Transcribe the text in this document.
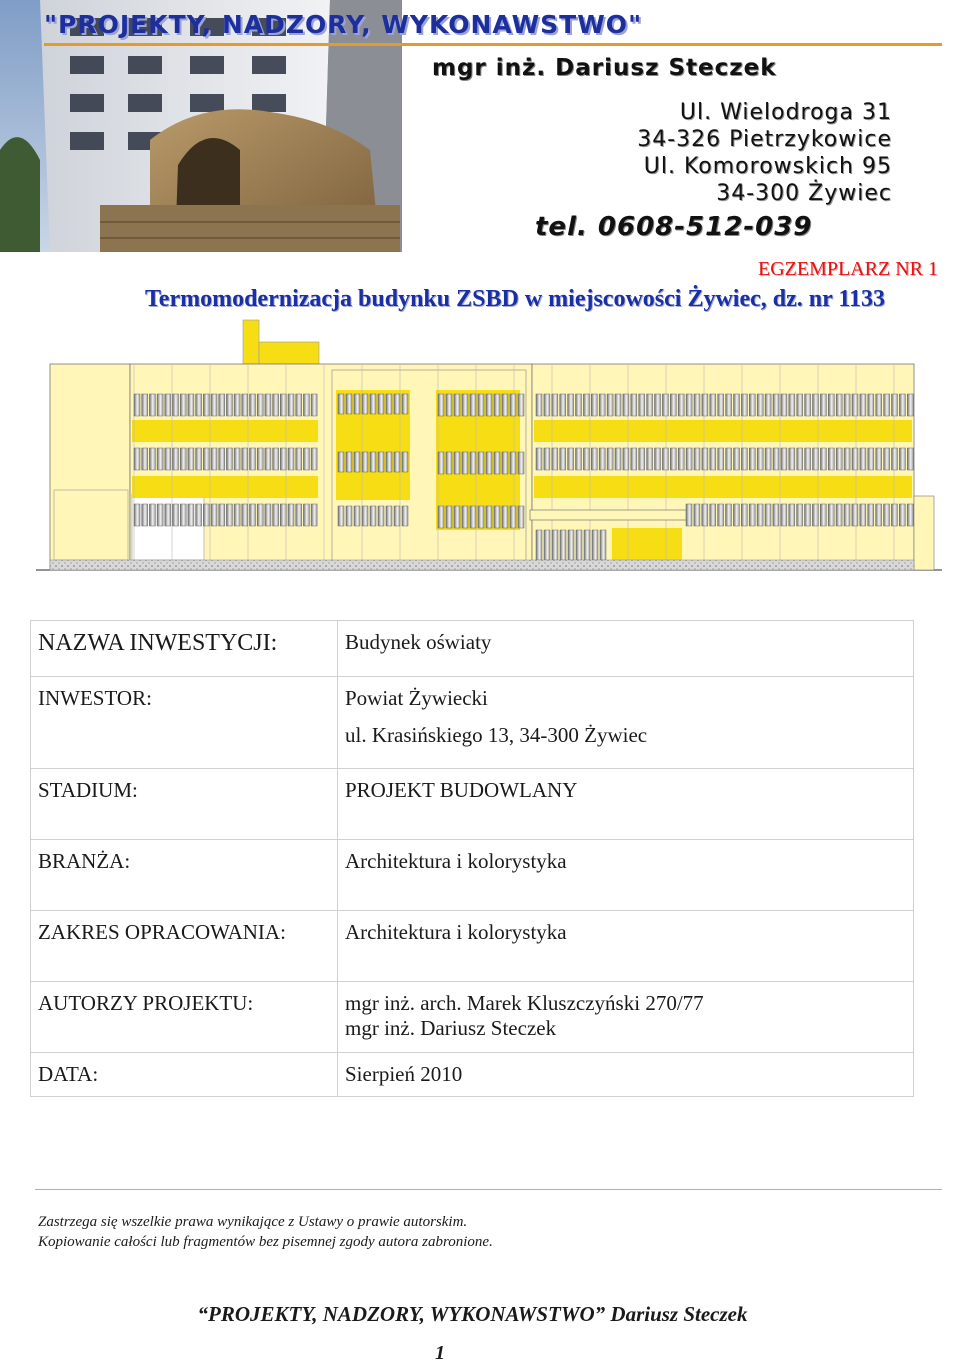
"PROJEKTY, NADZORY, WYKONAWSTWO"
mgr inż. Dariusz Steczek
Ul. Wielodroga 31
34-326 Pietrzykowice
Ul. Komorowskich 95
34-300 Żywiec
tel. 0608-512-039
EGZEMPLARZ NR 1
Termomodernizacja budynku ZSBD w miejscowości Żywiec, dz. nr 1133
NAZWA INWESTYCJI:	Budynek oświaty

INWESTOR:	Powiat Żywiecki
ul. Krasińskiego 13, 34-300 Żywiec

STADIUM:	PROJEKT BUDOWLANY

BRANŻA:	Architektura i kolorystyka

ZAKRES OPRACOWANIA:	Architektura i kolorystyka

AUTORZY PROJEKTU:	mgr inż. arch. Marek Kluszczyński 270/77
mgr inż. Dariusz Steczek

DATA:	Sierpień 2010
Zastrzega się wszelkie prawa wynikające z Ustawy o prawie autorskim.
Kopiowanie całości lub fragmentów bez pisemnej zgody autora zabronione.
“PROJEKTY, NADZORY, WYKONAWSTWO” Dariusz Steczek
1
